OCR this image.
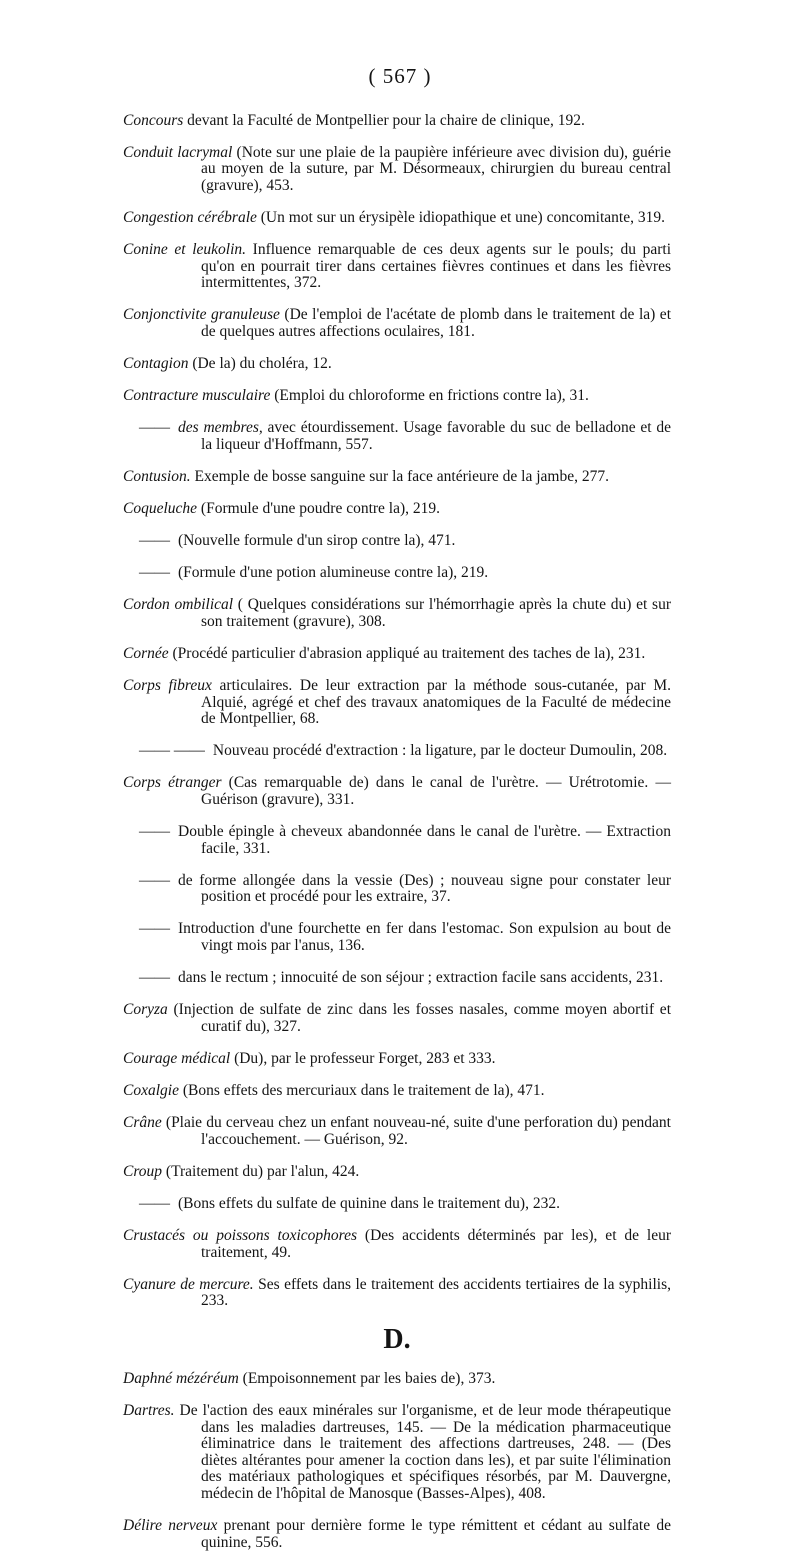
( 567 )

Concours devant la Faculté de Montpellier pour la chaire de clinique, 192.

Conduit lacrymal (Note sur une plaie de la paupière inférieure avec division du), guérie au moyen de la suture, par M. Désormeaux, chirurgien du bureau central (gravure), 453.

Congestion cérébrale (Un mot sur un érysipèle idiopathique et une) concomitante, 319.

Conine et leukolin. Influence remarquable de ces deux agents sur le pouls; du parti qu'on en pourrait tirer dans certaines fièvres continues et dans les fièvres intermittentes, 372.

Conjonctivite granuleuse (De l'emploi de l'acétate de plomb dans le traitement de la) et de quelques autres affections oculaires, 181.

Contagion (De la) du choléra, 12.

Contracture musculaire (Emploi du chloroforme en frictions contre la), 31.

—— des membres, avec étourdissement. Usage favorable du suc de belladone et de la liqueur d'Hoffmann, 557.

Contusion. Exemple de bosse sanguine sur la face antérieure de la jambe, 277.

Coqueluche (Formule d'une poudre contre la), 219.

—— (Nouvelle formule d'un sirop contre la), 471.

—— (Formule d'une potion alumineuse contre la), 219.

Cordon ombilical ( Quelques considérations sur l'hémorrhagie après la chute du) et sur son traitement (gravure), 308.

Cornée (Procédé particulier d'abrasion appliqué au traitement des taches de la), 231.

Corps fibreux articulaires. De leur extraction par la méthode sous-cutanée, par M. Alquié, agrégé et chef des travaux anatomiques de la Faculté de médecine de Montpellier, 68.

—— —— Nouveau procédé d'extraction : la ligature, par le docteur Dumoulin, 208.

Corps étranger (Cas remarquable de) dans le canal de l'urètre. — Urétrotomie. — Guérison (gravure), 331.

—— Double épingle à cheveux abandonnée dans le canal de l'urètre. — Extraction facile, 331.

—— de forme allongée dans la vessie (Des) ; nouveau signe pour constater leur position et procédé pour les extraire, 37.

—— Introduction d'une fourchette en fer dans l'estomac. Son expulsion au bout de vingt mois par l'anus, 136.

—— dans le rectum ; innocuité de son séjour ; extraction facile sans accidents, 231.

Coryza (Injection de sulfate de zinc dans les fosses nasales, comme moyen abortif et curatif du), 327.

Courage médical (Du), par le professeur Forget, 283 et 333.

Coxalgie (Bons effets des mercuriaux dans le traitement de la), 471.

Crâne (Plaie du cerveau chez un enfant nouveau-né, suite d'une perforation du) pendant l'accouchement. — Guérison, 92.

Croup (Traitement du) par l'alun, 424.

—— (Bons effets du sulfate de quinine dans le traitement du), 232.

Crustacés ou poissons toxicophores (Des accidents déterminés par les), et de leur traitement, 49.

Cyanure de mercure. Ses effets dans le traitement des accidents tertiaires de la syphilis, 233.

D.

Daphné mézéréum (Empoisonnement par les baies de), 373.

Dartres. De l'action des eaux minérales sur l'organisme, et de leur mode thérapeutique dans les maladies dartreuses, 145. — De la médication pharmaceutique éliminatrice dans le traitement des affections dartreuses, 248. — (Des diètes altérantes pour amener la coction dans les), et par suite l'élimination des matériaux pathologiques et spécifiques résorbés, par M. Dauvergne, médecin de l'hôpital de Manosque (Basses-Alpes), 408.

Délire nerveux prenant pour dernière forme le type rémittent et cédant au sulfate de quinine, 556.
